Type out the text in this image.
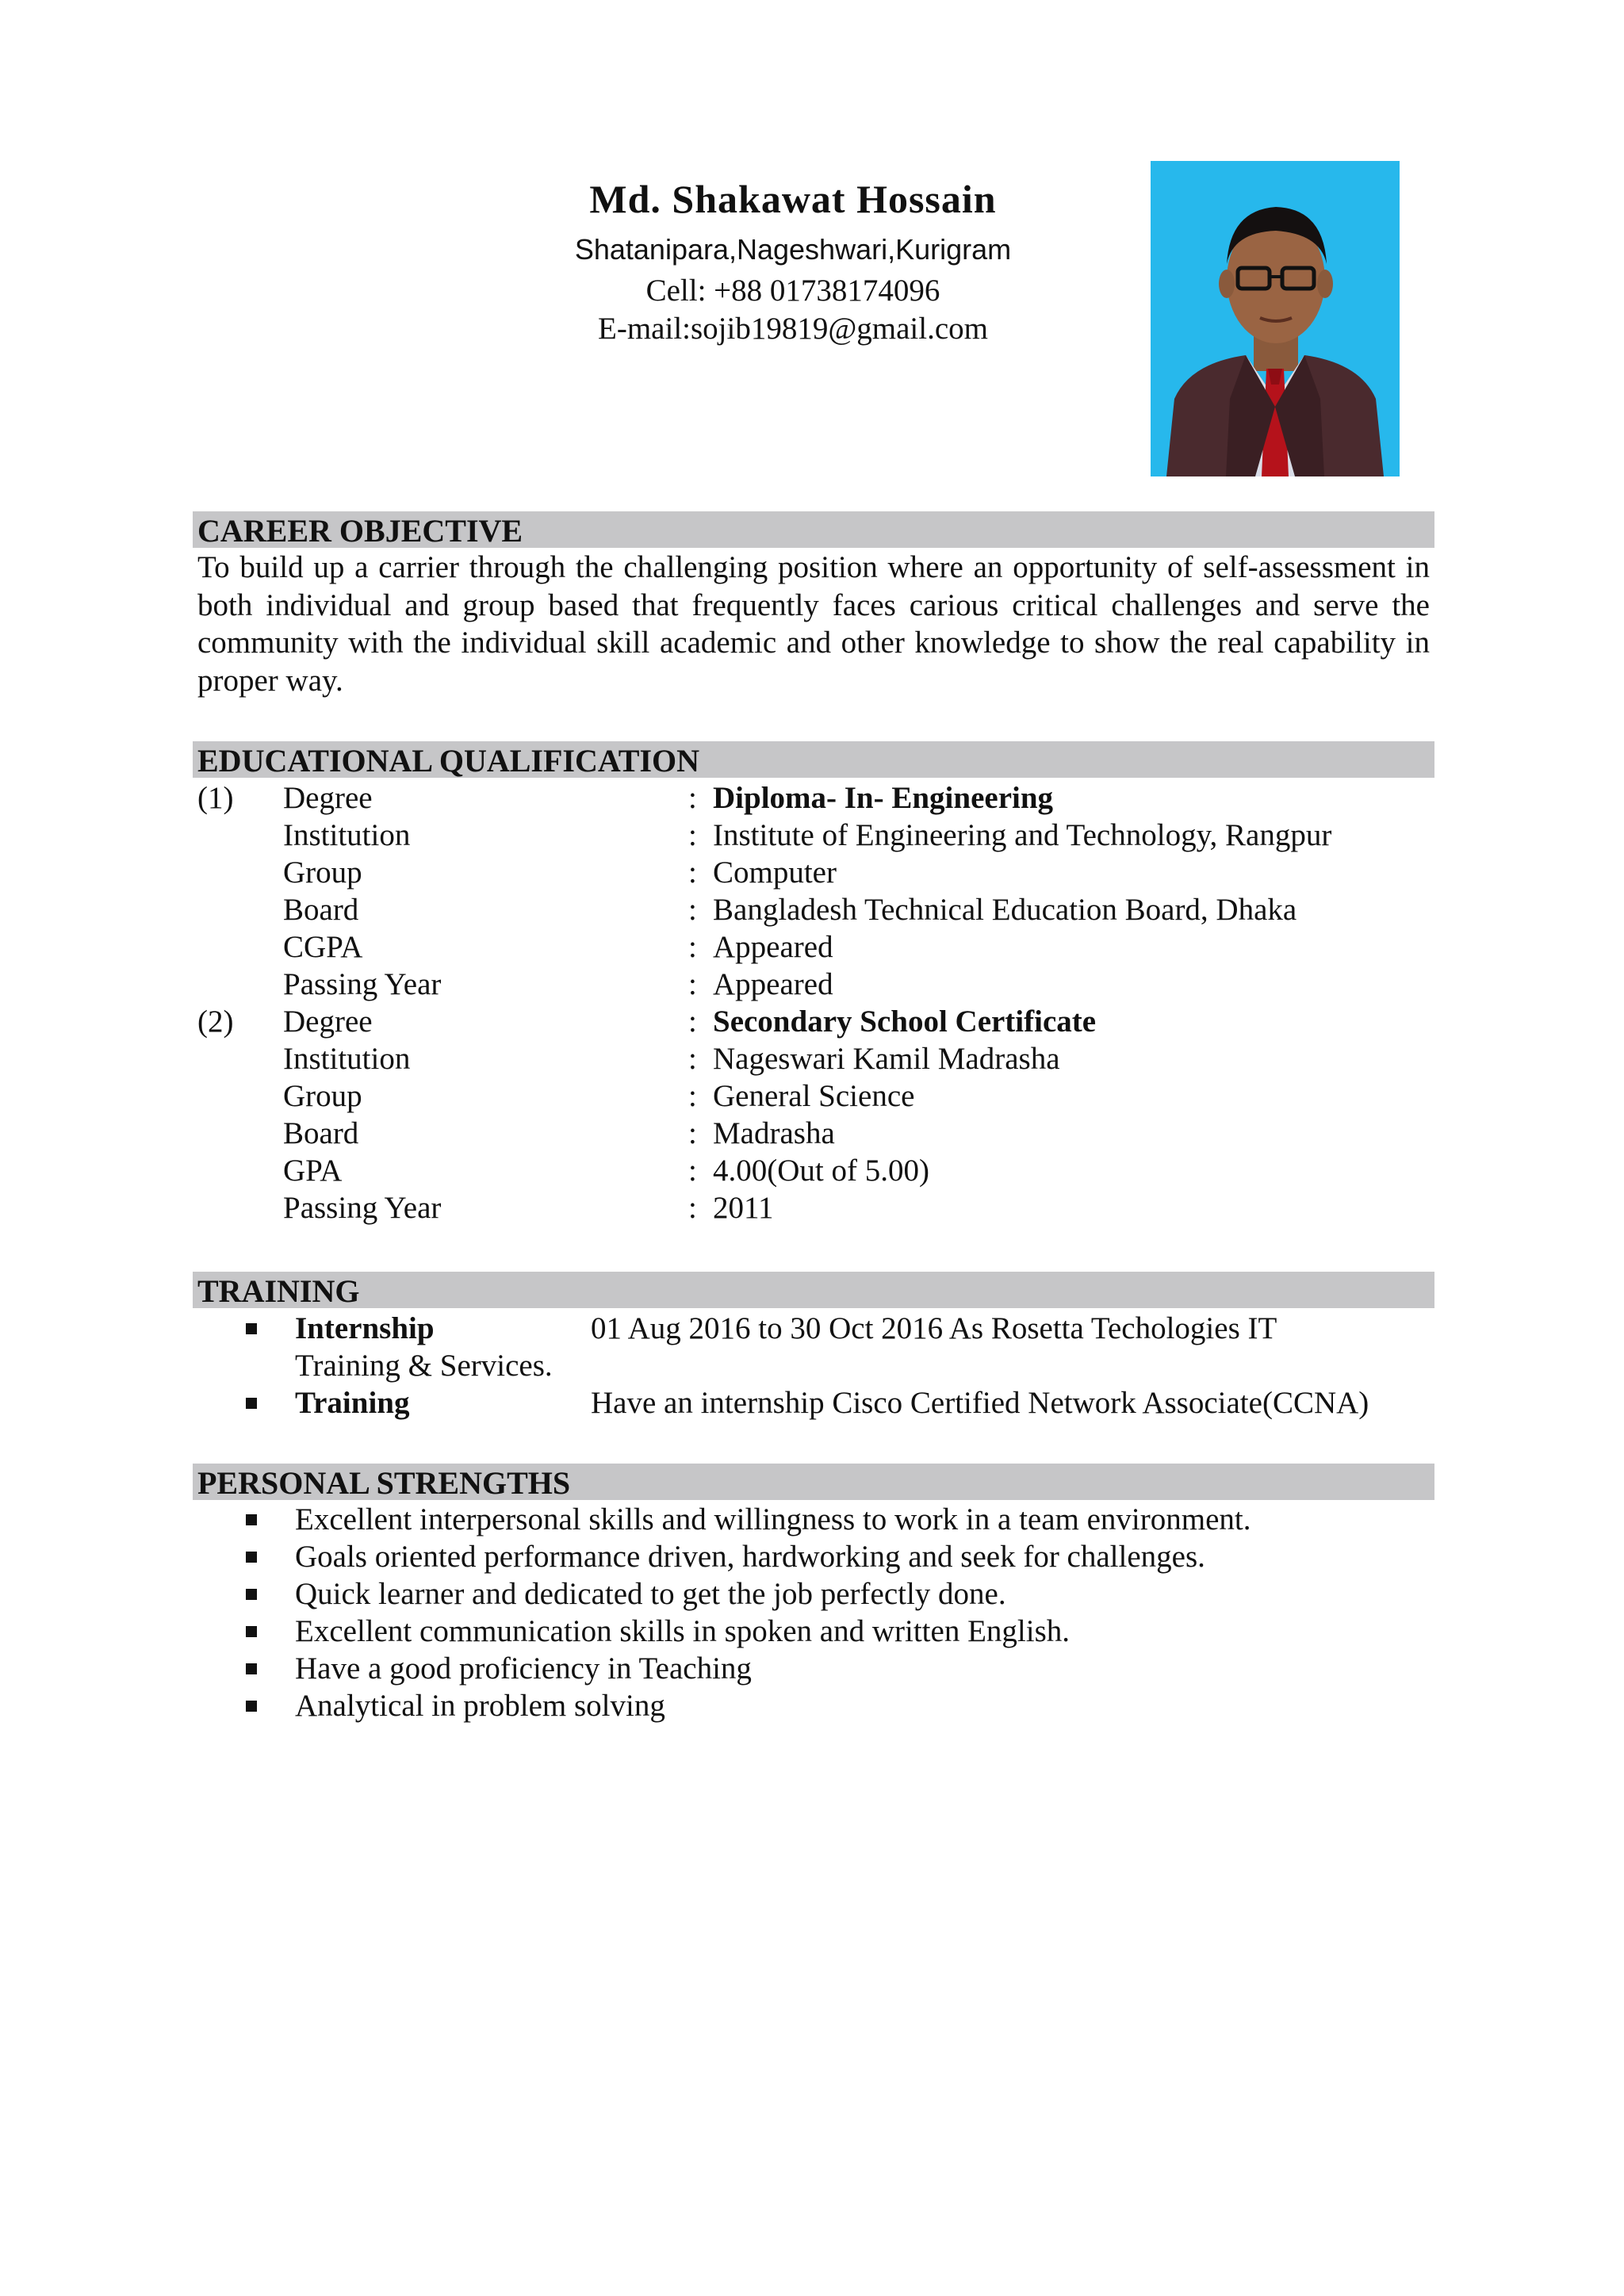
Md. Shakawat Hossain
Shatanipara,Nageshwari,Kurigram
Cell: +88 01738174096
E-mail:sojib19819@gmail.com
CAREER OBJECTIVE
To build up a carrier through the challenging position where an opportunity of self-assessment in both individual and group based that frequently faces carious critical challenges and serve the community with the individual skill academic and other knowledge to show the real capability in proper way.
EDUCATIONAL QUALIFICATION
(1) Degree	: Diploma- In- Engineering
Institution	: Institute of Engineering and Technology, Rangpur
Group	: Computer
Board	: Bangladesh Technical Education Board, Dhaka
CGPA	: Appeared
Passing Year	: Appeared
(2) Degree	: Secondary School Certificate
Institution	: Nageswari Kamil Madrasha
Group	: General Science
Board	: Madrasha
GPA	: 4.00(Out of 5.00)
Passing Year	: 2011
TRAINING
Internship	01 Aug 2016 to 30 Oct 2016 As Rosetta Techologies IT
Training & Services.
Training	Have an internship Cisco Certified Network Associate(CCNA)
PERSONAL STRENGTHS
Excellent interpersonal skills and willingness to work in a team environment.
Goals oriented performance driven, hardworking and seek for challenges.
Quick learner and dedicated to get the job perfectly done.
Excellent communication skills in spoken and written English.
Have a good proficiency in Teaching
Analytical in problem solving
